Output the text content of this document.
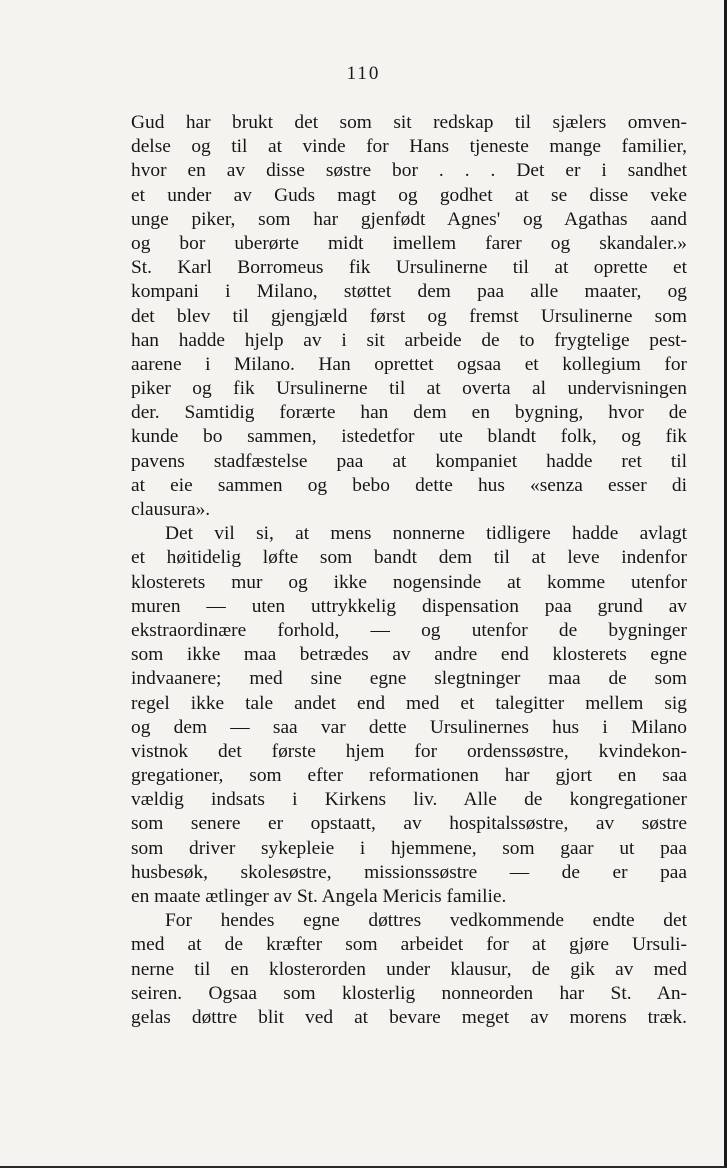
110
Gud har brukt det som sit redskap til sjælers omven-
delse og til at vinde for Hans tjeneste mange familier,
hvor en av disse søstre bor . . . Det er i sandhet
et under av Guds magt og godhet at se disse veke
unge piker, som har gjenfødt Agnes' og Agathas aand
og bor uberørte midt imellem farer og skandaler.»
St. Karl Borromeus fik Ursulinerne til at oprette et
kompani i Milano, støttet dem paa alle maater, og
det blev til gjengjæld først og fremst Ursulinerne som
han hadde hjelp av i sit arbeide de to frygtelige pest-
aarene i Milano. Han oprettet ogsaa et kollegium for
piker og fik Ursulinerne til at overta al undervisningen
der. Samtidig forærte han dem en bygning, hvor de
kunde bo sammen, istedetfor ute blandt folk, og fik
pavens stadfæstelse paa at kompaniet hadde ret til
at eie sammen og bebo dette hus «senza esser di
clausura».
Det vil si, at mens nonnerne tidligere hadde avlagt
et høitidelig løfte som bandt dem til at leve indenfor
klosterets mur og ikke nogensinde at komme utenfor
muren — uten uttrykkelig dispensation paa grund av
ekstraordinære forhold, — og utenfor de bygninger
som ikke maa betrædes av andre end klosterets egne
indvaanere; med sine egne slegtninger maa de som
regel ikke tale andet end med et talegitter mellem sig
og dem — saa var dette Ursulinernes hus i Milano
vistnok det første hjem for ordenssøstre, kvindekon-
gregationer, som efter reformationen har gjort en saa
vældig indsats i Kirkens liv. Alle de kongregationer
som senere er opstaatt, av hospitalssøstre, av søstre
som driver sykepleie i hjemmene, som gaar ut paa
husbesøk, skolesøstre, missionssøstre — de er paa
en maate ætlinger av St. Angela Mericis familie.
For hendes egne døttres vedkommende endte det
med at de kræfter som arbeidet for at gjøre Ursuli-
nerne til en klosterorden under klausur, de gik av med
seiren. Ogsaa som klosterlig nonneorden har St. An-
gelas døttre blit ved at bevare meget av morens træk.
